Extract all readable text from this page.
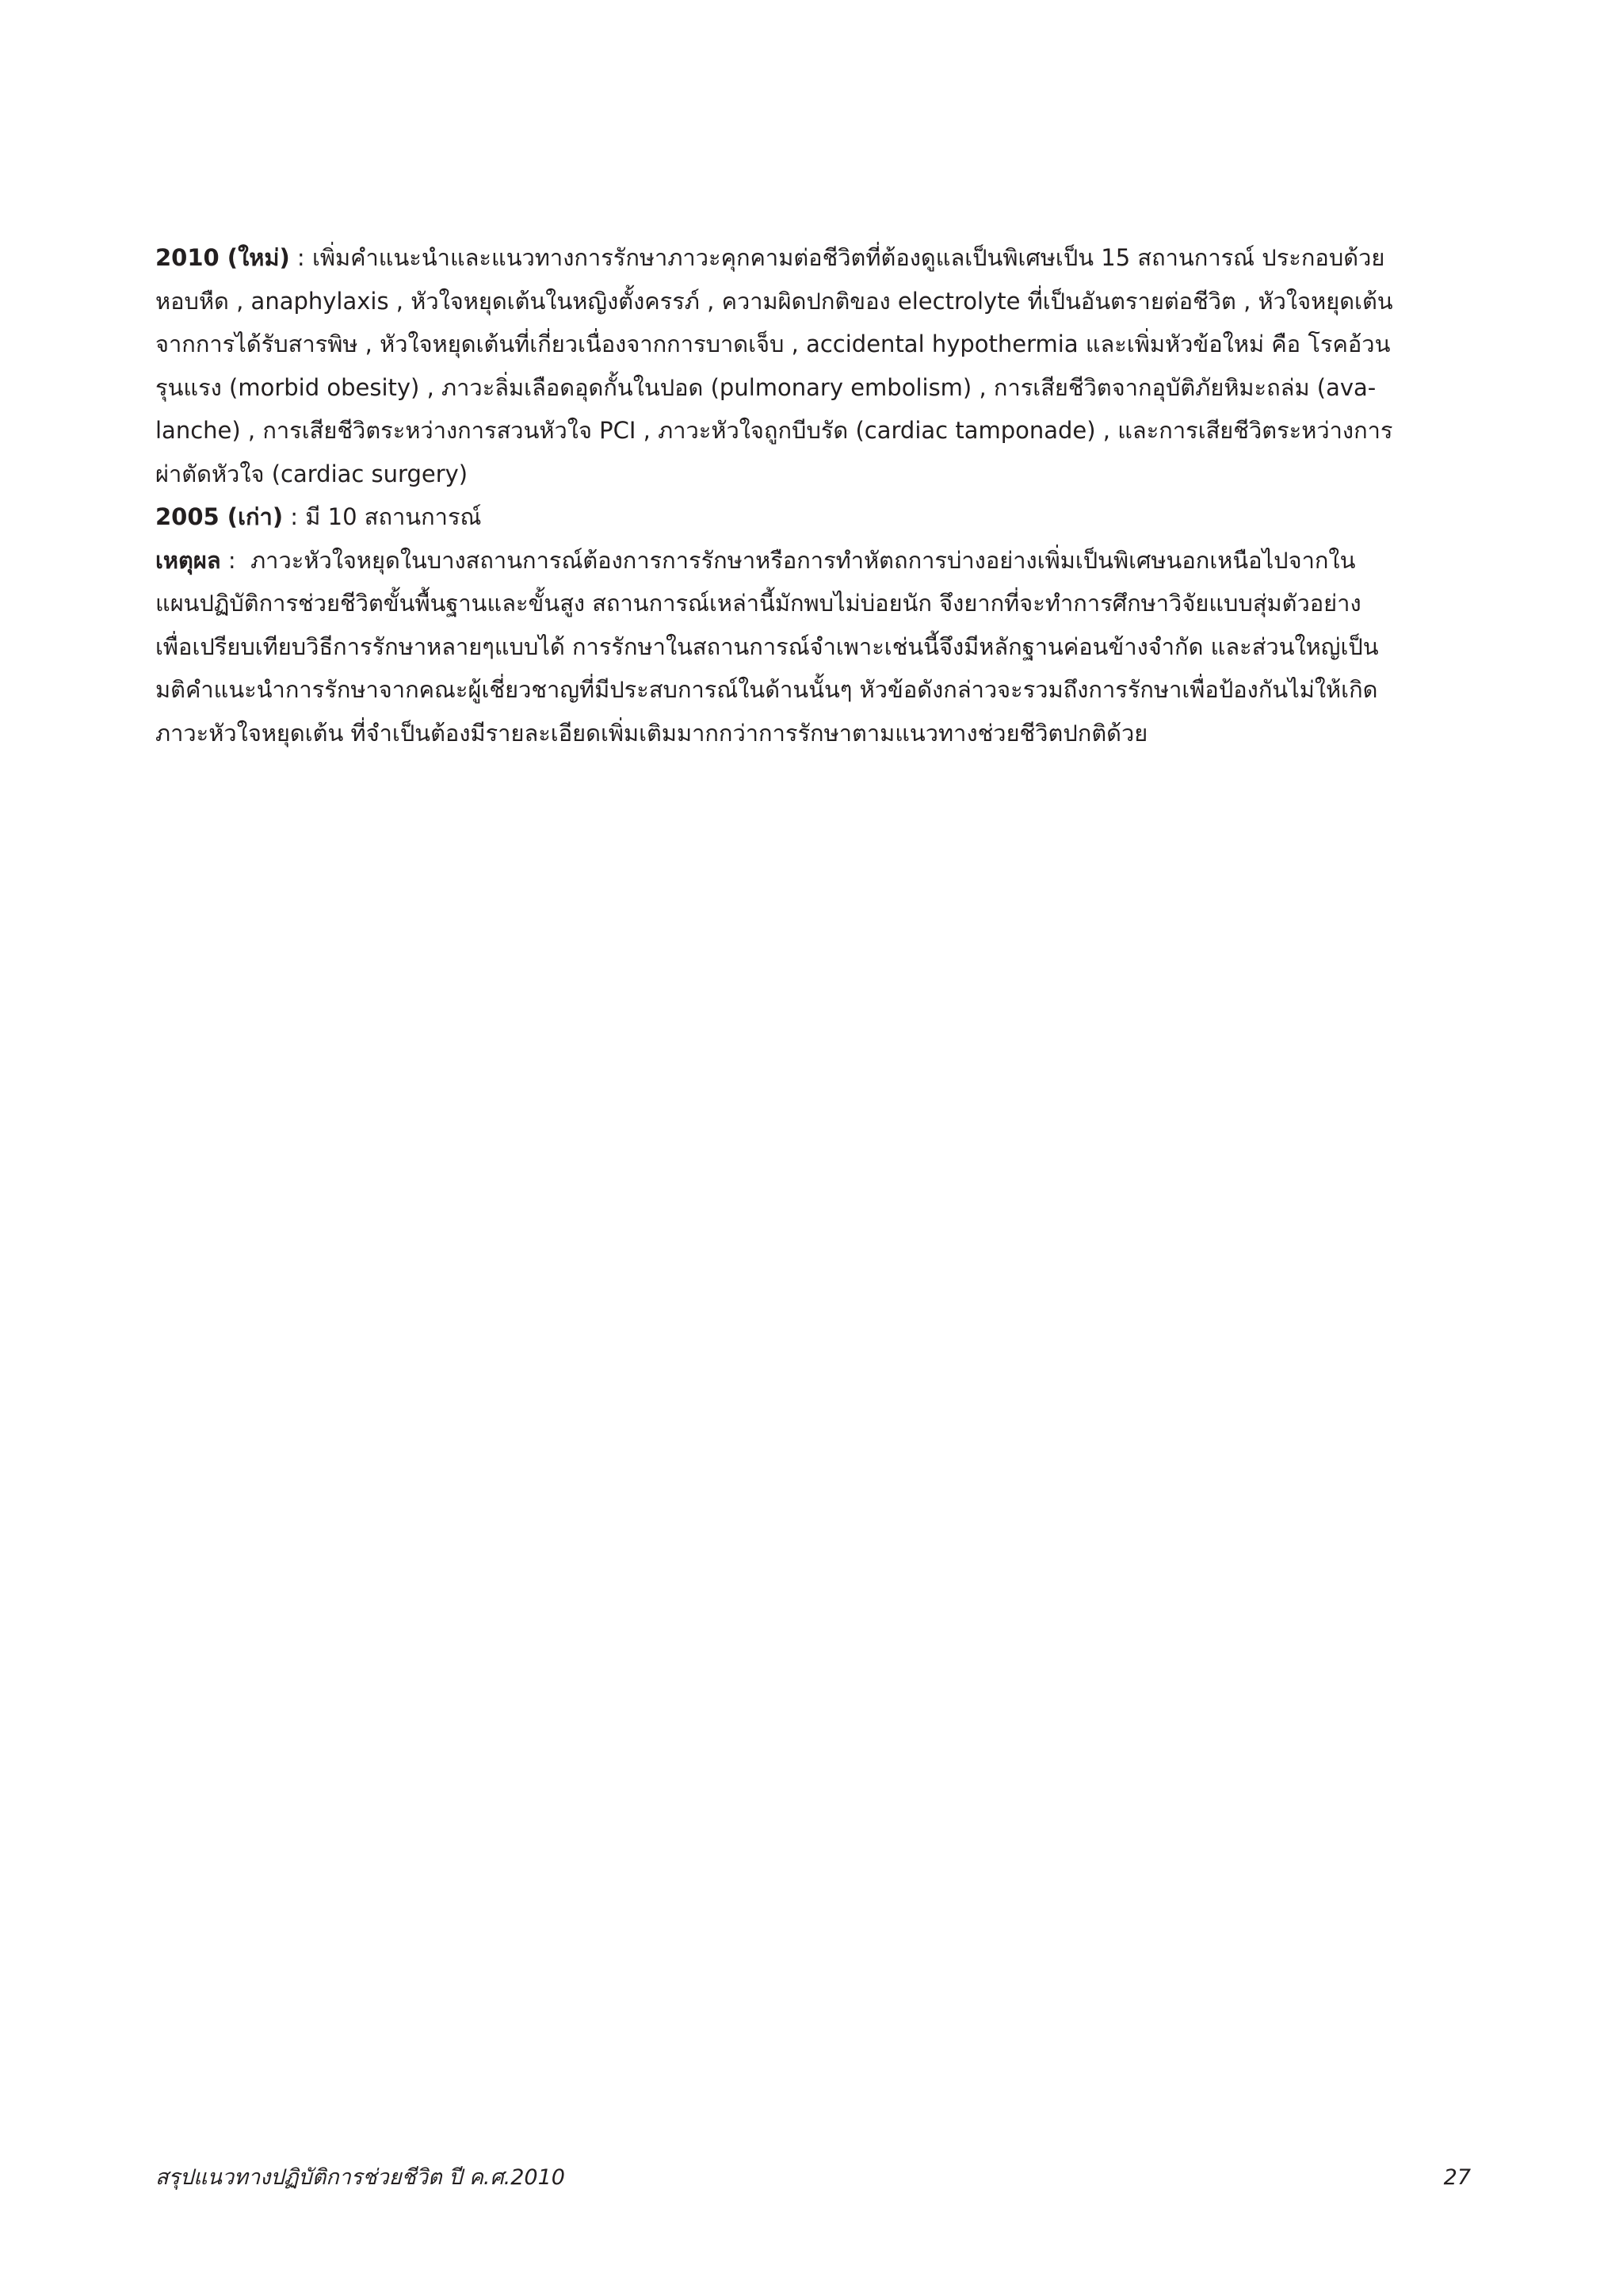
2010 (ใหม่) : เพิ่มคำแนะนำและแนวทางการรักษาภาวะคุกคามต่อชีวิตที่ต้องดูแลเป็นพิเศษเป็น 15 สถานการณ์ ประกอบด้วย
หอบหืด , anaphylaxis , หัวใจหยุดเต้นในหญิงตั้งครรภ์ , ความผิดปกติของ electrolyte ที่เป็นอันตรายต่อชีวิต , หัวใจหยุดเต้น
จากการได้รับสารพิษ , หัวใจหยุดเต้นที่เกี่ยวเนื่องจากการบาดเจ็บ , accidental hypothermia และเพิ่มหัวข้อใหม่ คือ โรคอ้วน
รุนแรง (morbid obesity) , ภาวะลิ่มเลือดอุดกั้นในปอด (pulmonary embolism) , การเสียชีวิตจากอุบัติภัยหิมะถล่ม (ava-
lanche) , การเสียชีวิตระหว่างการสวนหัวใจ PCI , ภาวะหัวใจถูกบีบรัด (cardiac tamponade) , และการเสียชีวิตระหว่างการ
ผ่าตัดหัวใจ (cardiac surgery)

2005 (เก่า) : มี 10 สถานการณ์

เหตุผล :  ภาวะหัวใจหยุดในบางสถานการณ์ต้องการการรักษาหรือการทำหัตถการบ่างอย่างเพิ่มเป็นพิเศษนอกเหนือไปจากใน
แผนปฏิบัติการช่วยชีวิตขั้นพื้นฐานและขั้นสูง สถานการณ์เหล่านี้มักพบไม่บ่อยนัก จึงยากที่จะทำการศึกษาวิจัยแบบสุ่มตัวอย่าง
เพื่อเปรียบเทียบวิธีการรักษาหลายๆแบบได้ การรักษาในสถานการณ์จำเพาะเช่นนี้จึงมีหลักฐานค่อนข้างจำกัด และส่วนใหญ่เป็น
มติคำแนะนำการรักษาจากคณะผู้เชี่ยวชาญที่มีประสบการณ์ในด้านนั้นๆ หัวข้อดังกล่าวจะรวมถึงการรักษาเพื่อป้องกันไม่ให้เกิด
ภาวะหัวใจหยุดเต้น ที่จำเป็นต้องมีรายละเอียดเพิ่มเติมมากกว่าการรักษาตามแนวทางช่วยชีวิตปกติด้วย

สรุปแนวทางปฏิบัติการช่วยชีวิต ปี ค.ศ.2010	27
